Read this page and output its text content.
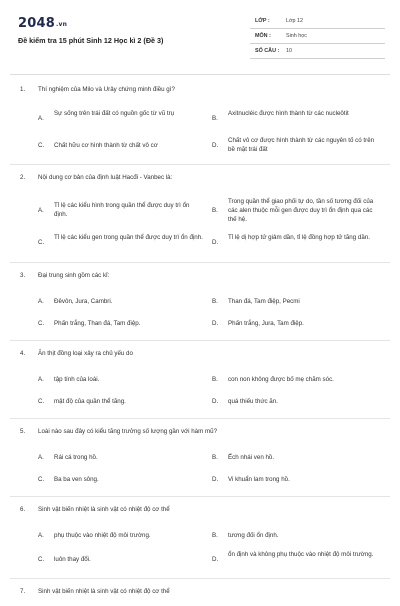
2048.vn
Đề kiểm tra 15 phút Sinh 12 Học kì 2 (Đề 3)
LỚP :	Lớp 12
MÔN :	Sinh học
SỐ CÂU : 10
1. Thí nghiệm của Milo và Urây chứng minh điều gì?
A.
Sự sống trên trái đất có nguồn gốc từ vũ trụ
B.
Axitnucléic được hình thành từ các nucleôtit
C. Chất hữu cơ hình thành từ chất vô cơ	D.
Chất vô cơ được hình thành từ các nguyên tố có trên bề mặt trái đất
2. Nội dung cơ bản của định luật Hacđi - Vanbec là:
A.
Tỉ lệ các kiểu hình trong quần thể được duy trì ổn định.
B.
Trong quần thể giao phối tự do, tần số tương đối của các alen thuộc mỗi gen được duy trì ổn định qua các thế hệ.
C.
Tỉ lệ các kiểu gen trong quần thể được duy trì ổn định.
D.
Tỉ lệ dị hợp tử giảm dần, tỉ lệ đồng hợp tử tăng dần.
3. Đại trung sinh gồm các kỉ:
A. Đêvôn, Jura, Cambri.	B. Than đá, Tam điệp, Pecmi
C. Phấn trắng, Than đá, Tam điệp.	D. Phấn trắng, Jura, Tam điệp.
4. Ăn thịt đồng loại xảy ra chủ yếu do
A. tập tính của loài.	B. con non không được bố mẹ chăm sóc.
C. mật độ của quần thể tăng.	D. quá thiếu thức ăn.
5. Loài nào sau đây có kiểu tăng trưởng số lượng gần với hàm mũ?
A. Rái cá trong hồ.	B. Ếch nhái ven hồ.
C. Ba ba ven sông.	D. Vi khuẩn lam trong hồ.
6. Sinh vật biến nhiệt là sinh vật có nhiệt độ cơ thể
A. phụ thuộc vào nhiệt độ môi trường.	B. tương đối ổn định.
C. luôn thay đổi.	D.
ổn định và không phụ thuộc vào nhiệt độ môi trường.
7. Sinh vật biến nhiệt là sinh vật có nhiệt độ cơ thể
